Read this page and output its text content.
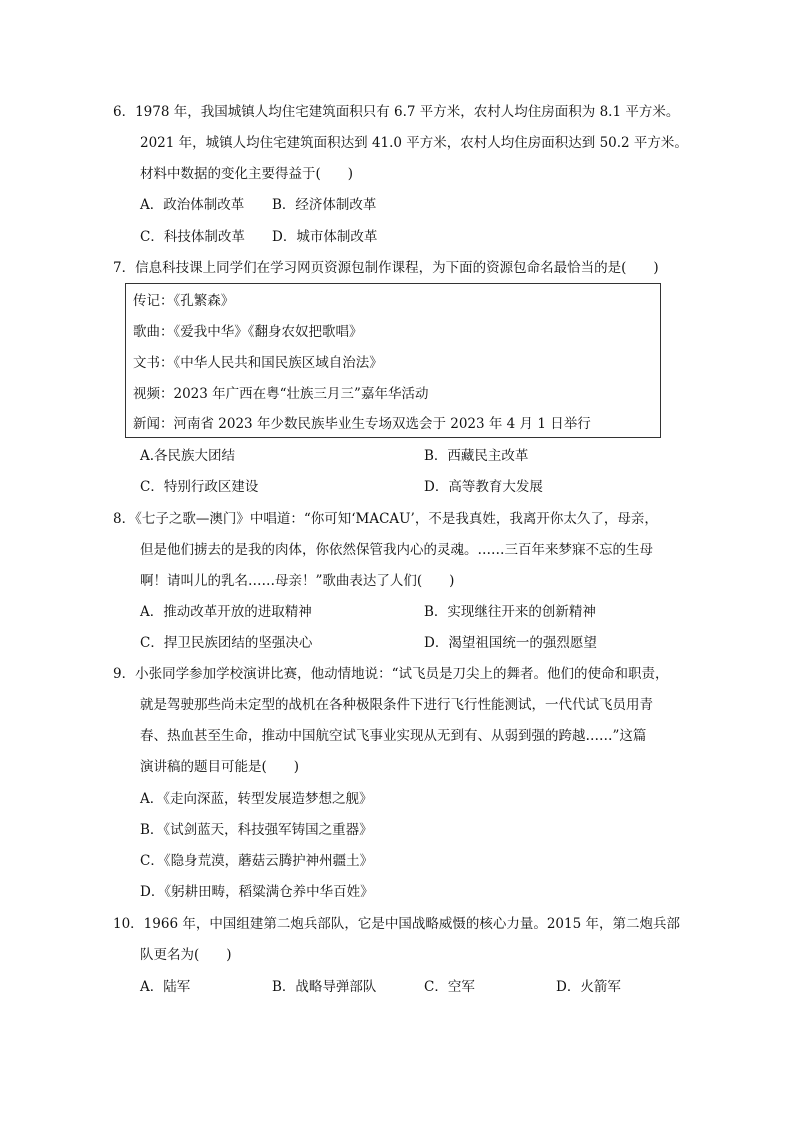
6．1978 年，我国城镇人均住宅建筑面积只有 6.7 平方米，农村人均住房面积为 8.1 平方米。
2021 年，城镇人均住宅建筑面积达到 41.0 平方米，农村人均住房面积达到 50.2 平方米。
材料中数据的变化主要得益于(　　)
A．政治体制改革 B．经济体制改革
C．科技体制改革 D．城市体制改革
7．信息科技课上同学们在学习网页资源包制作课程，为下面的资源包命名最恰当的是(　　)
传记：《孔繁森》
歌曲：《爱我中华》《翻身农奴把歌唱》
文书：《中华人民共和国民族区域自治法》
视频：2023 年广西在粤“壮族三月三”嘉年华活动
新闻：河南省 2023 年少数民族毕业生专场双选会于 2023 年 4 月 1 日举行
A.各民族大团结	B．西藏民主改革
C．特别行政区建设	D．高等教育大发展
8．《七子之歌—澳门》中唱道：“你可知‘MACAU’，不是我真姓，我离开你太久了，母亲，
但是他们掳去的是我的肉体，你依然保管我内心的灵魂。……三百年来梦寐不忘的生母
啊！请叫儿的乳名……母亲！”歌曲表达了人们(　　)
A．推动改革开放的进取精神	B．实现继往开来的创新精神
C．捍卫民族团结的坚强决心	D．渴望祖国统一的强烈愿望
9．小张同学参加学校演讲比赛，他动情地说：“试飞员是刀尖上的舞者。他们的使命和职责，
就是驾驶那些尚未定型的战机在各种极限条件下进行飞行性能测试，一代代试飞员用青
春、热血甚至生命，推动中国航空试飞事业实现从无到有、从弱到强的跨越……”这篇
演讲稿的题目可能是(　　)
A．《走向深蓝，转型发展造梦想之舰》
B．《试剑蓝天，科技强军铸国之重器》
C．《隐身荒漠，蘑菇云腾护神州疆土》
D．《躬耕田畴，稻粱满仓养中华百姓》
10．1966 年，中国组建第二炮兵部队，它是中国战略威慑的核心力量。2015 年，第二炮兵部
队更名为(　　)
A．陆军	B．战略导弹部队	C．空军	D．火箭军
